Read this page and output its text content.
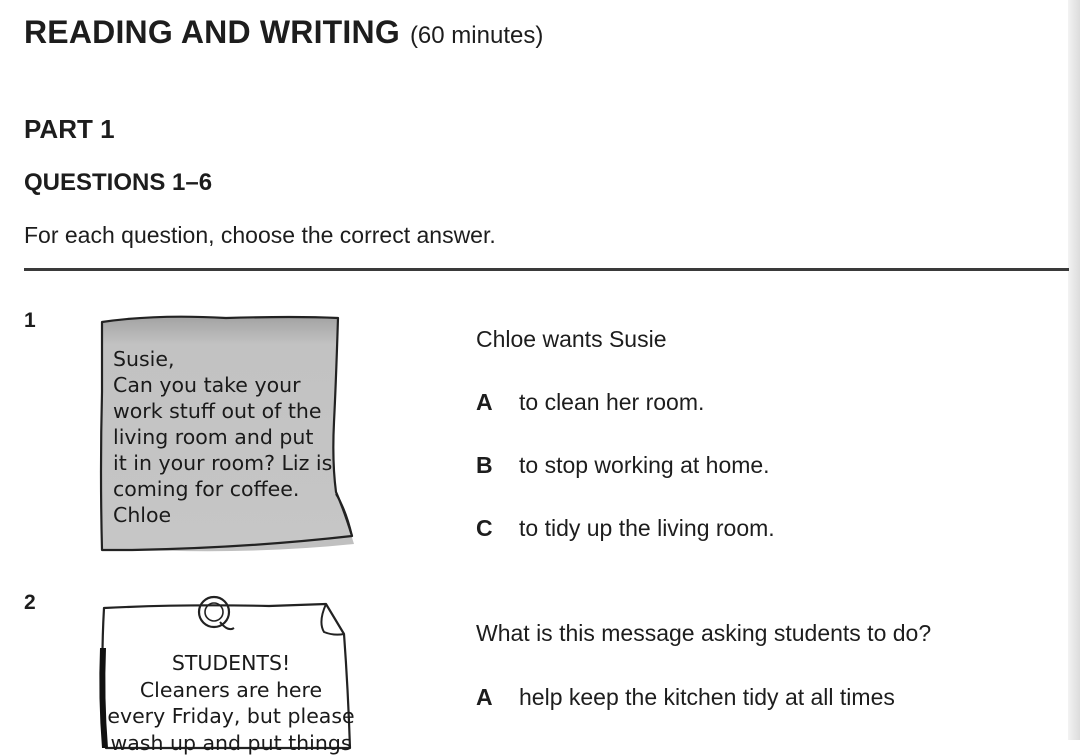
READING AND WRITING (60 minutes)
PART 1
QUESTIONS 1–6
For each question, choose the correct answer.
1
Susie,
Can you take your
work stuff out of the
living room and put
it in your room? Liz is
coming for coffee.
Chloe
Chloe wants Susie
A to clean her room.
B to stop working at home.
C to tidy up the living room.
2
STUDENTS!
Cleaners are here
every Friday, but please
wash up and put things
What is this message asking students to do?
A help keep the kitchen tidy at all times
